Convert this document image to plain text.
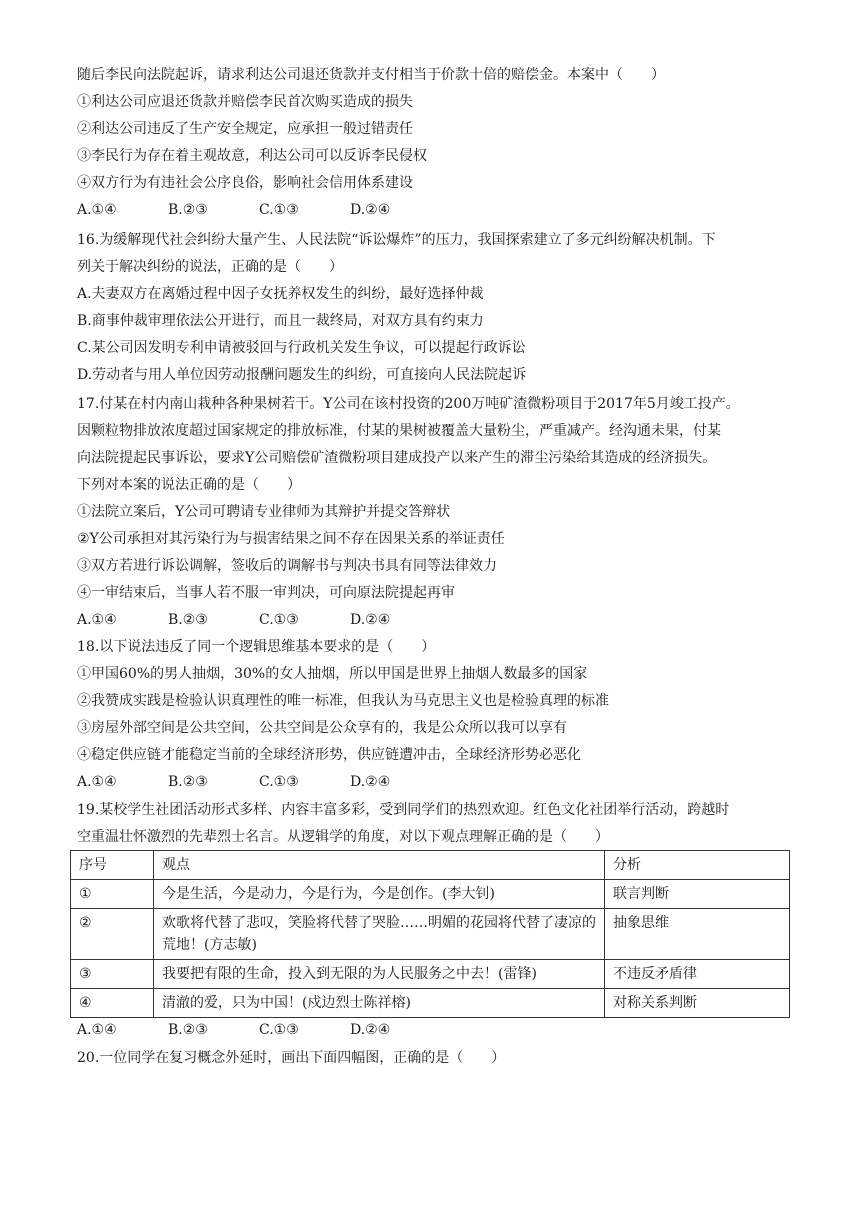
随后李民向法院起诉，请求利达公司退还货款并支付相当于价款十倍的赔偿金。本案中（　　）
①利达公司应退还货款并赔偿李民首次购买造成的损失
②利达公司违反了生产安全规定，应承担一般过错责任
③李民行为存在着主观故意，利达公司可以反诉李民侵权
④双方行为有违社会公序良俗，影响社会信用体系建设
A.①④	B.②③	C.①③	D.②④
16.为缓解现代社会纠纷大量产生、人民法院“诉讼爆炸”的压力，我国探索建立了多元纠纷解决机制。下
列关于解决纠纷的说法，正确的是（　　）
A.夫妻双方在离婚过程中因子女抚养权发生的纠纷，最好选择仲裁
B.商事仲裁审理依法公开进行，而且一裁终局，对双方具有约束力
C.某公司因发明专利申请被驳回与行政机关发生争议，可以提起行政诉讼
D.劳动者与用人单位因劳动报酬问题发生的纠纷，可直接向人民法院起诉
17.付某在村内南山栽种各种果树若干。Y公司在该村投资的200万吨矿渣微粉项目于2017年5月竣工投产。
因颗粒物排放浓度超过国家规定的排放标准，付某的果树被覆盖大量粉尘，严重减产。经沟通未果，付某
向法院提起民事诉讼，要求Y公司赔偿矿渣微粉项目建成投产以来产生的滞尘污染给其造成的经济损失。
下列对本案的说法正确的是（　　）
①法院立案后，Y公司可聘请专业律师为其辩护并提交答辩状
②Y公司承担对其污染行为与损害结果之间不存在因果关系的举证责任
③双方若进行诉讼调解，签收后的调解书与判决书具有同等法律效力
④一审结束后，当事人若不服一审判决，可向原法院提起再审
A.①④	B.②③	C.①③	D.②④
18.以下说法违反了同一个逻辑思维基本要求的是（　　）
①甲国60%的男人抽烟，30%的女人抽烟，所以甲国是世界上抽烟人数最多的国家
②我赞成实践是检验认识真理性的唯一标准，但我认为马克思主义也是检验真理的标准
③房屋外部空间是公共空间，公共空间是公众享有的，我是公众所以我可以享有
④稳定供应链才能稳定当前的全球经济形势，供应链遭冲击，全球经济形势必恶化
A.①④	B.②③	C.①③	D.②④
19.某校学生社团活动形式多样、内容丰富多彩，受到同学们的热烈欢迎。红色文化社团举行活动，跨越时
空重温壮怀激烈的先辈烈士名言。从逻辑学的角度，对以下观点理解正确的是（　　）
序号	观点	分析
①	今是生活，今是动力，今是行为，今是创作。(李大钊)	联言判断
②	欢歌将代替了悲叹，笑脸将代替了哭脸……明媚的花园将代替了凄凉的荒地！(方志敏)	抽象思维
③	我要把有限的生命，投入到无限的为人民服务之中去！(雷锋)	不违反矛盾律
④	清澈的爱，只为中国！(戍边烈士陈祥榕)	对称关系判断
A.①④	B.②③	C.①③	D.②④
20.一位同学在复习概念外延时，画出下面四幅图，正确的是（　　）
